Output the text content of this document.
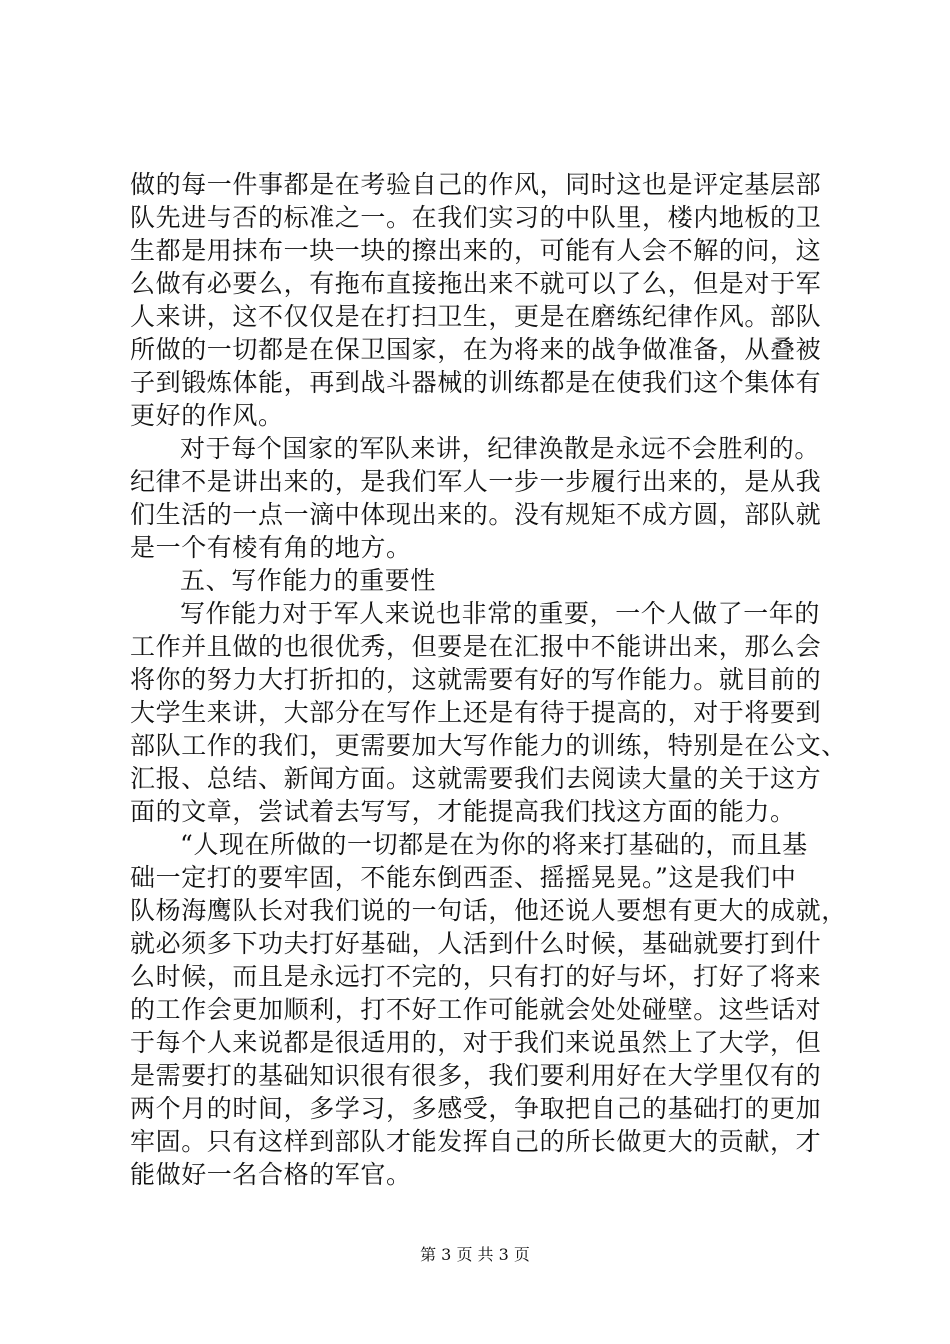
做的每一件事都是在考验自己的作风，同时这也是评定基层部
队先进与否的标准之一。在我们实习的中队里，楼内地板的卫
生都是用抹布一块一块的擦出来的，可能有人会不解的问，这
么做有必要么，有拖布直接拖出来不就可以了么，但是对于军
人来讲，这不仅仅是在打扫卫生，更是在磨练纪律作风。部队
所做的一切都是在保卫国家，在为将来的战争做准备，从叠被
子到锻炼体能，再到战斗器械的训练都是在使我们这个集体有
更好的作风。
对于每个国家的军队来讲，纪律涣散是永远不会胜利的。
纪律不是讲出来的，是我们军人一步一步履行出来的，是从我
们生活的一点一滴中体现出来的。没有规矩不成方圆，部队就
是一个有棱有角的地方。
五、写作能力的重要性
写作能力对于军人来说也非常的重要，一个人做了一年的
工作并且做的也很优秀，但要是在汇报中不能讲出来，那么会
将你的努力大打折扣的，这就需要有好的写作能力。就目前的
大学生来讲，大部分在写作上还是有待于提高的，对于将要到
部队工作的我们，更需要加大写作能力的训练，特别是在公文、
汇报、总结、新闻方面。这就需要我们去阅读大量的关于这方
面的文章，尝试着去写写，才能提高我们找这方面的能力。
“人现在所做的一切都是在为你的将来打基础的，而且基
础一定打的要牢固，不能东倒西歪、摇摇晃晃。”这是我们中
队杨海鹰队长对我们说的一句话，他还说人要想有更大的成就，
就必须多下功夫打好基础，人活到什么时候，基础就要打到什
么时候，而且是永远打不完的，只有打的好与坏，打好了将来
的工作会更加顺利，打不好工作可能就会处处碰壁。这些话对
于每个人来说都是很适用的，对于我们来说虽然上了大学，但
是需要打的基础知识很有很多，我们要利用好在大学里仅有的
两个月的时间，多学习，多感受，争取把自己的基础打的更加
牢固。只有这样到部队才能发挥自己的所长做更大的贡献，才
能做好一名合格的军官。
第 3 页 共 3 页
